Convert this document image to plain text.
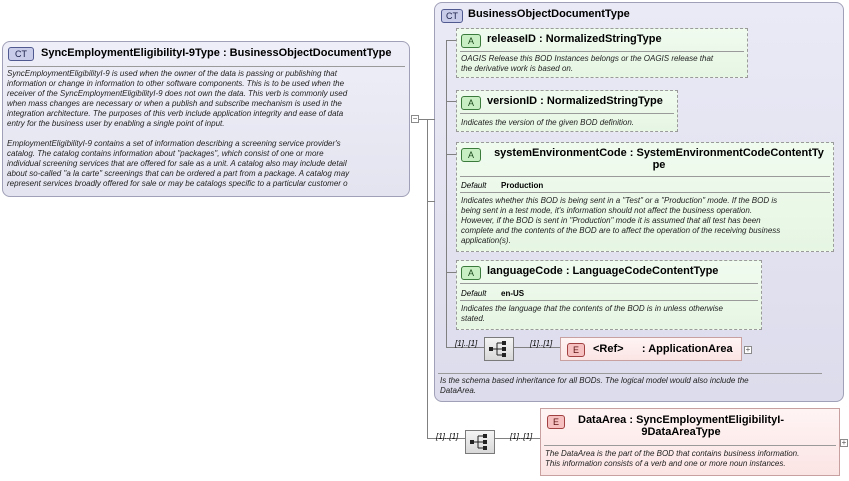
CT	SyncEmploymentEligibilityI-9Type : BusinessObjectDocumentType
SyncEmploymentEligibilityI-9 is used when the owner of the data is passing or publishing that
information or change in information to other software components. This is to be used when the
receiver of the SyncEmploymentEligibilityI-9 does not own the data. This verb is commonly used
when mass changes are necessary or when a publish and subscribe mechanism is used in the
integration architecture. The purposes of this verb include application integrity and ease of data
entry for the business user by enabling a single point of input.

EmploymentEligibilityI-9 contains a set of information describing a screening service provider's
catalog. The catalog contains information about "packages", which consist of one or more
individual screening services that are offered for sale as a unit. A catalog also may include detail
about so-called "a la carte" screenings that can be ordered a part from a package. A catalog may
represent services broadly offered for sale or may be catalogs specific to a particular customer o
−
CT BusinessObjectDocumentType
A	releaseID : NormalizedStringType
OAGIS Release this BOD Instances belongs or the OAGIS release that
the derivative work is based on.
A	versionID : NormalizedStringType
Indicates the version of the given BOD definition.
A	systemEnvironmentCode : SystemEnvironmentCodeContentTy
pe
Default Production
Indicates whether this BOD is being sent in a "Test" or a "Production" mode. If the BOD is
being sent in a test mode, it's information should not affect the business operation.
However, if the BOD is sent in "Production" mode it is assumed that all test has been
complete and the contents of the BOD are to affect the operation of the receiving business
application(s).
A	languageCode : LanguageCodeContentType
Default en-US
Indicates the language that the contents of the BOD is in unless otherwise
stated.
[1]..[1]	[1]..[1]
E	<Ref>      : ApplicationArea +
Is the schema based inheritance for all BODs. The logical model would also include the
DataArea.
[1]..[1]	[1]..[1]
E	DataArea : SyncEmploymentEligibilityI-
9DataAreaType
The DataArea is the part of the BOD that contains business information.
This information consists of a verb and one or more noun instances.
+
